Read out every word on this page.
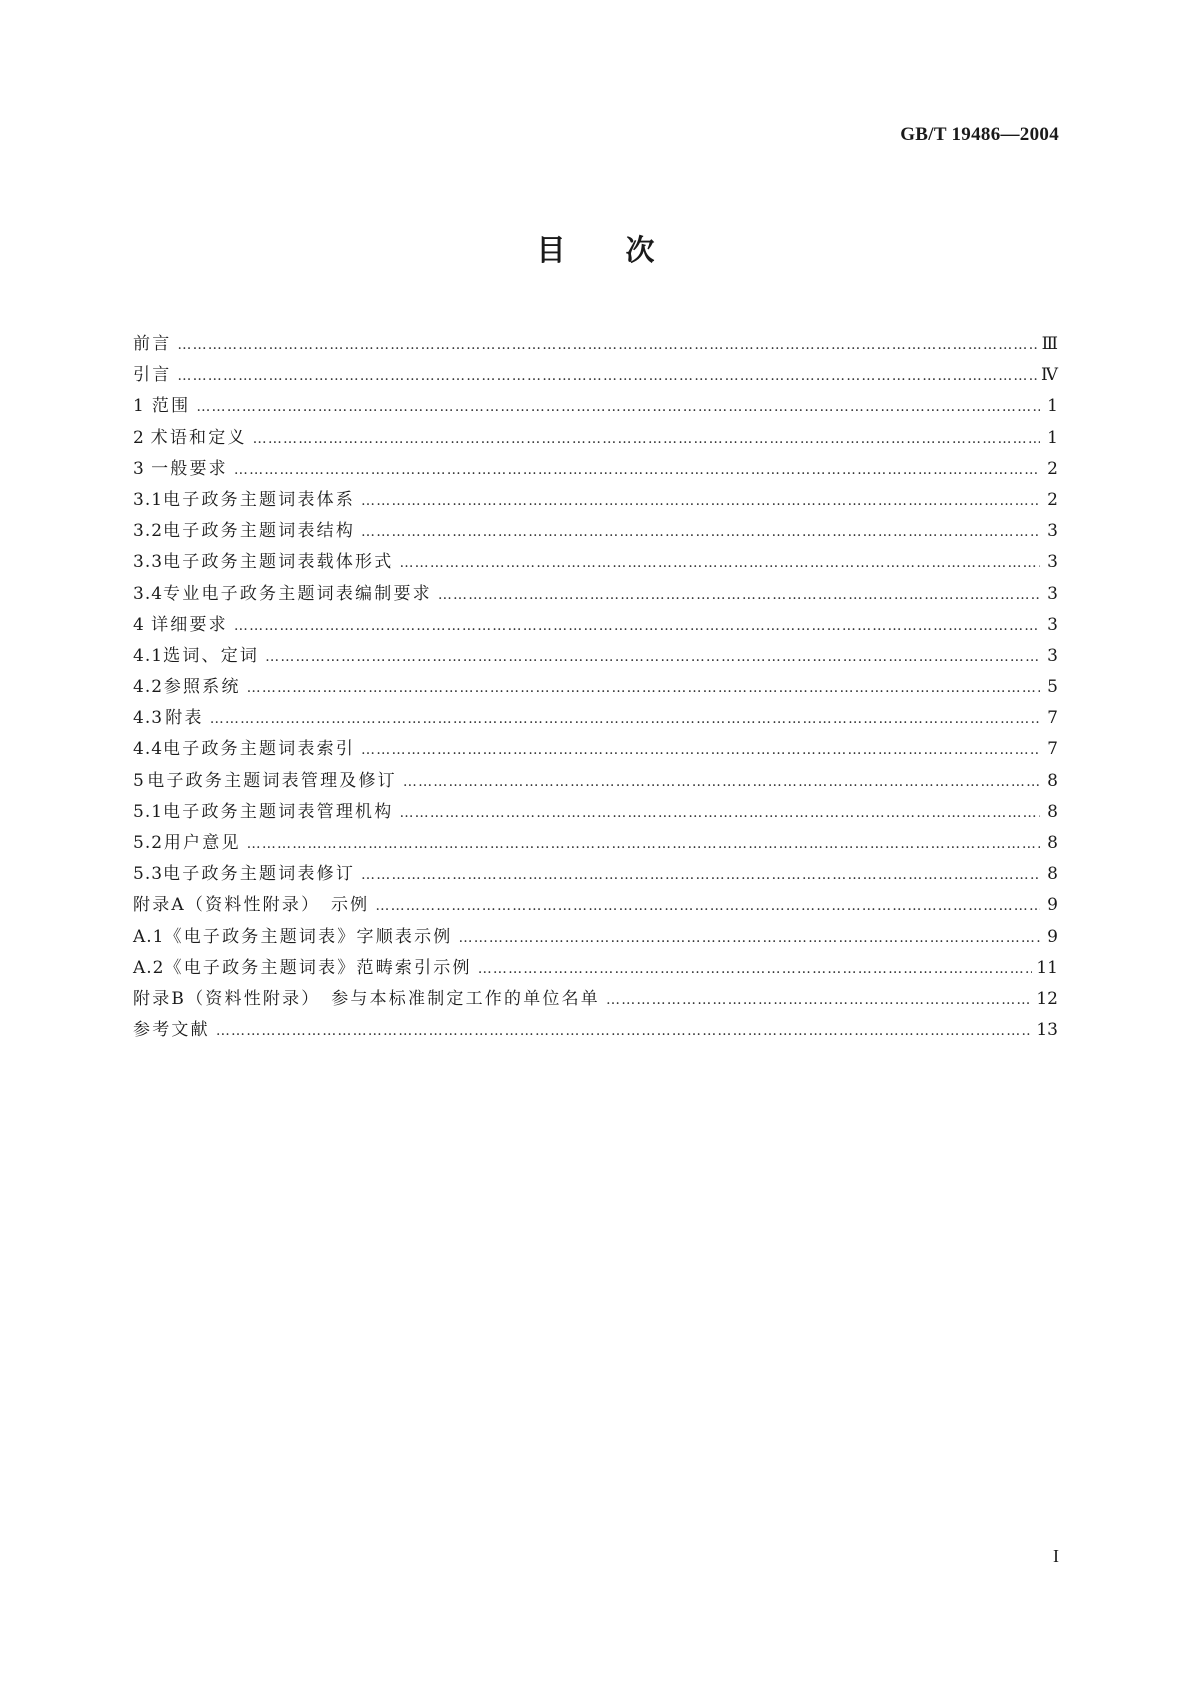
GB/T 19486—2004
目次
前言 …………………………………………………………………………………………………………………………………………………………………………………………………………………………………………	Ⅲ
引言 …………………………………………………………………………………………………………………………………………………………………………………………………………………………………………	Ⅳ
1 范围 …………………………………………………………………………………………………………………………………………………………………………………………………………………………………………	1
2 术语和定义 …………………………………………………………………………………………………………………………………………………………………………………………………………………………………………	1
3 一般要求 …………………………………………………………………………………………………………………………………………………………………………………………………………………………………………	2
3.1 电子政务主题词表体系 …………………………………………………………………………………………………………………………………………………………………………………………………………………………………………	2
3.2 电子政务主题词表结构 …………………………………………………………………………………………………………………………………………………………………………………………………………………………………………	3
3.3 电子政务主题词表载体形式 …………………………………………………………………………………………………………………………………………………………………………………………………………………………………………	3
3.4 专业电子政务主题词表编制要求 …………………………………………………………………………………………………………………………………………………………………………………………………………………………………………	3
4 详细要求 …………………………………………………………………………………………………………………………………………………………………………………………………………………………………………	3
4.1 选词、定词 …………………………………………………………………………………………………………………………………………………………………………………………………………………………………………	3
4.2 参照系统 …………………………………………………………………………………………………………………………………………………………………………………………………………………………………………	5
4.3 附表 …………………………………………………………………………………………………………………………………………………………………………………………………………………………………………	7
4.4 电子政务主题词表索引 …………………………………………………………………………………………………………………………………………………………………………………………………………………………………………	7
5 电子政务主题词表管理及修订 …………………………………………………………………………………………………………………………………………………………………………………………………………………………………………	8
5.1 电子政务主题词表管理机构 …………………………………………………………………………………………………………………………………………………………………………………………………………………………………………	8
5.2 用户意见 …………………………………………………………………………………………………………………………………………………………………………………………………………………………………………	8
5.3 电子政务主题词表修订 …………………………………………………………………………………………………………………………………………………………………………………………………………………………………………	8
附录A（资料性附录）　示例 …………………………………………………………………………………………………………………………………………………………………………………………………………………………………………	9
A.1 《电子政务主题词表》字顺表示例 …………………………………………………………………………………………………………………………………………………………………………………………………………………………………………	9
A.2 《电子政务主题词表》范畴索引示例 …………………………………………………………………………………………………………………………………………………………………………………………………………………………………………	11
附录B（资料性附录）　参与本标准制定工作的单位名单 …………………………………………………………………………………………………………………………………………………………………………………………………………………………………………	12
参考文献 …………………………………………………………………………………………………………………………………………………………………………………………………………………………………………	13
I
